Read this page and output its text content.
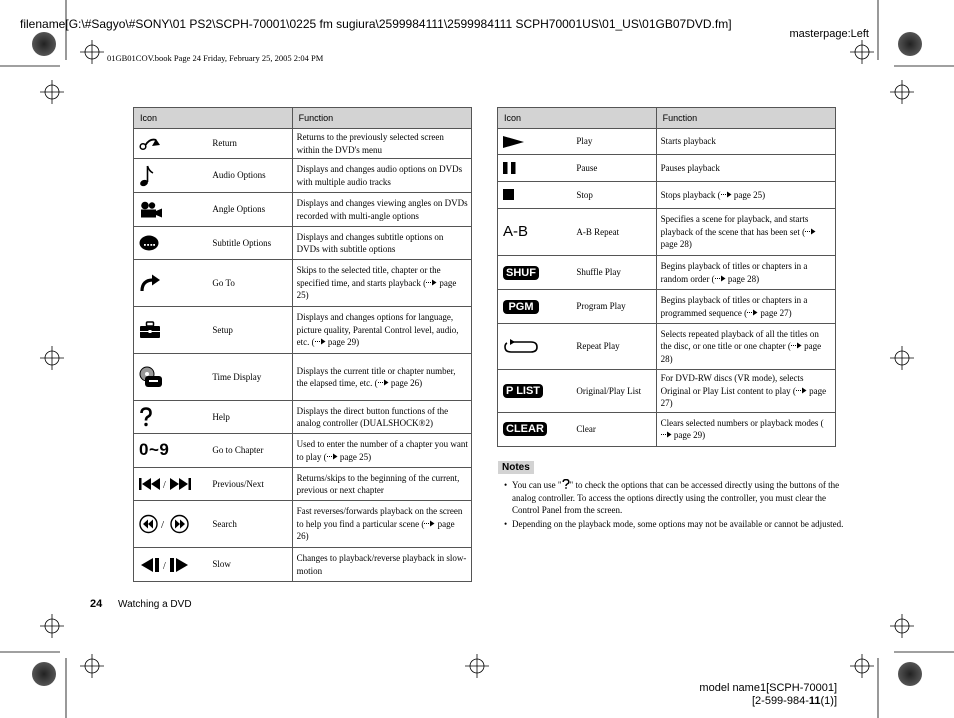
filename[G:\#Sagyo\#SONY\01 PS2\SCPH-70001\0225 fm sugiura\2599984111\2599984111 SCPH70001US\01_US\01GB07DVD.fm]
masterpage:Left
01GB01COV.book Page 24 Friday, February 25, 2005 2:04 PM
Icon		Function

	Return	Returns to the previously selected screen within the DVD's menu

	Audio Options	Displays and changes audio options on DVDs with multiple audio tracks

	Angle Options	Displays and changes viewing angles on DVDs recorded with multi-angle options

	Subtitle Options	Displays and changes subtitle options on DVDs with subtitle options

	Go To	Skips to the selected title, chapter or the specified time, and starts playback ( page 25)

	Setup	Displays and changes options for language, picture quality, Parental Control level, audio, etc. ( page 29)

	Time Display	Displays the current title or chapter number, the elapsed time, etc. ( page 26)

	Help	Displays the direct button functions of the analog controller (DUALSHOCK®2)

0~9	Go to Chapter	Used to enter the number of a chapter you want to play ( page 25)

/	Previous/Next	Returns/skips to the beginning of the current, previous or next chapter

/	Search	Fast reverses/forwards playback on the screen to help you find a particular scene ( page 26)

/	Slow	Changes to playback/reverse playback in slow-motion
Icon		Function

	Play	Starts playback

	Pause	Pauses playback

	Stop	Stops playback ( page 25)

A-B	A-B Repeat	Specifies a scene for playback, and starts playback of the scene that has been set ( page 28)

SHUF	Shuffle Play	Begins playback of titles or chapters in a random order ( page 28)

PGM	Program Play	Begins playback of titles or chapters in a programmed sequence ( page 27)

	Repeat Play	Selects repeated playback of all the titles on the disc, or one title or one chapter ( page 28)

P LIST	Original/Play List	For DVD-RW discs (VR mode), selects Original or Play List content to play ( page 27)

CLEAR	Clear	Clears selected numbers or playback modes ( page 29)
Notes
• You can use " " to check the options that can be accessed directly using the buttons of the analog controller. To access the options directly using the controller, you must clear the Control Panel from the screen.
• Depending on the playback mode, some options may not be available or cannot be adjusted.
24 Watching a DVD
model name1[SCPH-70001]
[2-599-984-11(1)]
